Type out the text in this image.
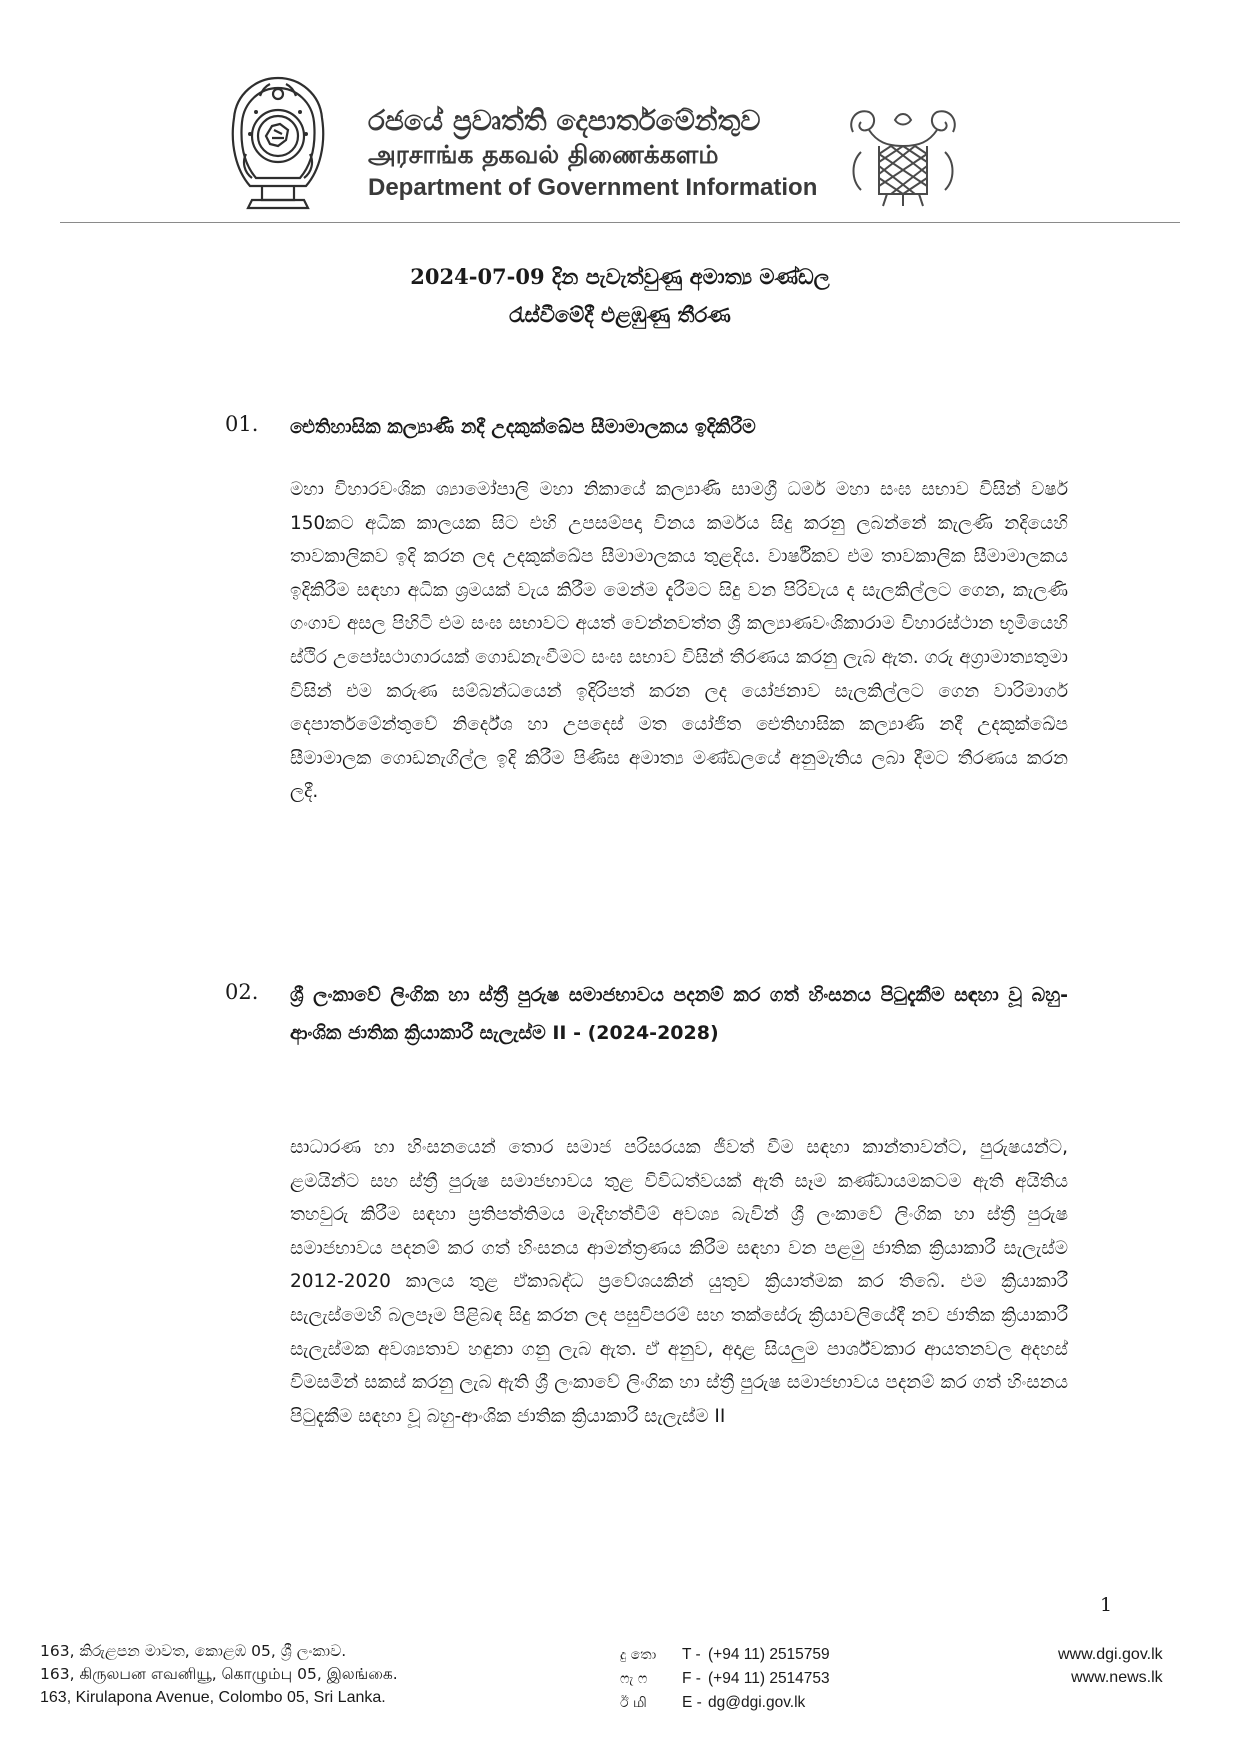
රජයේ ප්‍රවෘත්ති දෙපාර්තමේන්තුව
அரசாங்க தகவல் திணைக்களம்
Department of Government Information
2024-07-09 දින පැවැත්වුණු අමාත්‍ය මණ්ඩල
රැස්වීමේදී එළඹුණු තීරණ
01. ඓතිහාසික කල්‍යාණි නදී උදකුක්ඛේප සීමාමාලකය ඉදිකිරීම
මහා විහාරවංශික ශ්‍යාමෝපාලි මහා නිකායේ කල්‍යාණි සාමග්‍රී ධර්ම මහා සංඝ සභාව විසින් වර්ෂ 150කට අධික කාලයක සිට එහි උපසම්පදා විනය කර්මය සිදු කරනු ලබන්නේ කැලණි නදියෙහි තාවකාලිකව ඉදි කරන ලද උදකුක්ඛේප සීමාමාලකය තුළදිය. වාර්ෂිකව එම තාවකාලික සීමාමාලකය ඉදිකිරීම සඳහා අධික ශ්‍රමයක් වැය කිරීම මෙන්ම දැරීමට සිදු වන පිරිවැය ද සැලකිල්ලට ගෙන, කැලණි ගංගාව අසල පිහිටි එම සංඝ සභාවට අයත් වෙන්නවත්ත ශ්‍රී කල්‍යාණවංශිකාරාම විහාරස්ථාන භූමියෙහි ස්ථිර උපෝසථාගාරයක් ගොඩනැංවීමට සංඝ සභාව විසින් තීරණය කරනු ලැබ ඇත. ගරු අග්‍රාමාත්‍යතුමා විසින් එම කරුණ සම්බන්ධයෙන් ඉදිරිපත් කරන ලද යෝජනාව සැලකිල්ලට ගෙන වාරිමාර්ග දෙපාර්තමේන්තුවේ නිර්දේශ හා උපදෙස් මත යෝජිත ඓතිහාසික කල්‍යාණි නදී උදකුක්ඛේප සීමාමාලක ගොඩනැගිල්ල ඉදි කිරීම පිණිස අමාත්‍ය මණ්ඩලයේ අනුමැතිය ලබා දීමට තීරණය කරන ලදී.
02. ශ්‍රී ලංකාවේ ලිංගික හා ස්ත්‍රී පුරුෂ සමාජභාවය පදනම් කර ගත් හිංසනය පිටුදැකීම සඳහා වූ බහු-ආංශික ජාතික ක්‍රියාකාරී සැලැස්ම II - (2024-2028)
සාධාරණ හා හිංසනයෙන් තොර සමාජ පරිසරයක ජීවත් වීම සඳහා කාන්තාවන්ට, පුරුෂයන්ට, ළමයින්ට සහ ස්ත්‍රී පුරුෂ සමාජභාවය තුළ විවිධත්වයක් ඇති සෑම කණ්ඩායමකටම ඇති අයිතිය තහවුරු කිරීම සඳහා ප්‍රතිපත්තිමය මැදිහත්වීම් අවශ්‍ය බැවින් ශ්‍රී ලංකාවේ ලිංගික හා ස්ත්‍රී පුරුෂ සමාජභාවය පදනම් කර ගත් හිංසනය ආමන්ත්‍රණය කිරීම සඳහා වන පළමු ජාතික ක්‍රියාකාරී සැලැස්ම 2012-2020 කාලය තුළ ඒකාබද්ධ ප්‍රවේශයකින් යුතුව ක්‍රියාත්මක කර තිබේ. එම ක්‍රියාකාරී සැලැස්මෙහි බලපෑම පිළිබඳ සිදු කරන ලද පසුවිපරම් සහ තක්සේරු ක්‍රියාවලියේදී නව ජාතික ක්‍රියාකාරී සැලැස්මක අවශ්‍යතාව හඳුනා ගනු ලැබ ඇත. ඒ අනුව, අදාළ සියලුම පාර්ශ්වකාර ආයතනවල අදහස් විමසමින් සකස් කරනු ලැබ ඇති ශ්‍රී ලංකාවේ ලිංගික හා ස්ත්‍රී පුරුෂ සමාජභාවය පදනම් කර ගත් හිංසනය පිටුදැකීම සඳහා වූ බහු-ආංශික ජාතික ක්‍රියාකාරී සැලැස්ම II
1
163, කිරුළපන මාවත, කොළඹ 05, ශ්‍රී ලංකාව.
163, கிருலபன எவனியூ, கொழும்பு 05, இலங்கை.
163, Kirulapona Avenue, Colombo 05, Sri Lanka.
දු තො T - (+94 11) 2515759
ෆැ ෆ F - (+94 11) 2514753
ඊ மி E - dg@dgi.gov.lk
www.dgi.gov.lk
www.news.lk
